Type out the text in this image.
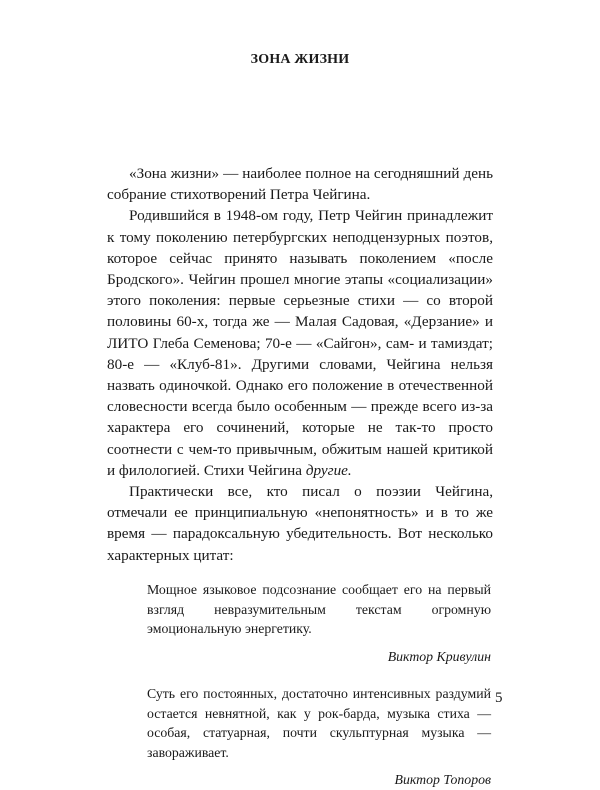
ЗОНА ЖИЗНИ

«Зона жизни» — наиболее полное на сегодняшний день собрание стихотворений Петра Чейгина.

Родившийся в 1948-ом году, Петр Чейгин принадлежит к тому поколению петербургских неподцензурных поэтов, которое сейчас принято называть поколением «после Бродского». Чейгин прошел многие этапы «социализации» этого поколения: первые серьезные стихи — со второй половины 60-х, тогда же — Малая Садовая, «Дерзание» и ЛИТО Глеба Семенова; 70-е — «Сайгон», сам- и тамиздат; 80-е — «Клуб-81». Другими словами, Чейгина нельзя назвать одиночкой. Однако его положение в отечественной словесности всегда было особенным — прежде всего из-за характера его сочинений, которые не так-то просто соотнести с чем-то привычным, обжитым нашей критикой и филологией. Стихи Чейгина другие.

Практически все, кто писал о поэзии Чейгина, отмечали ее принципиальную «непонятность» и в то же время — парадоксальную убедительность. Вот несколько характерных цитат:

Мощное языковое подсознание сообщает его на первый взгляд невразумительным текстам огромную эмоциональную энергетику.

Виктор Кривулин

Суть его постоянных, достаточно интенсивных раздумий остается невнятной, как у рок-барда, музыка стиха — особая, статуарная, почти скульптурная музыка — завораживает.

Виктор Топоров

5
